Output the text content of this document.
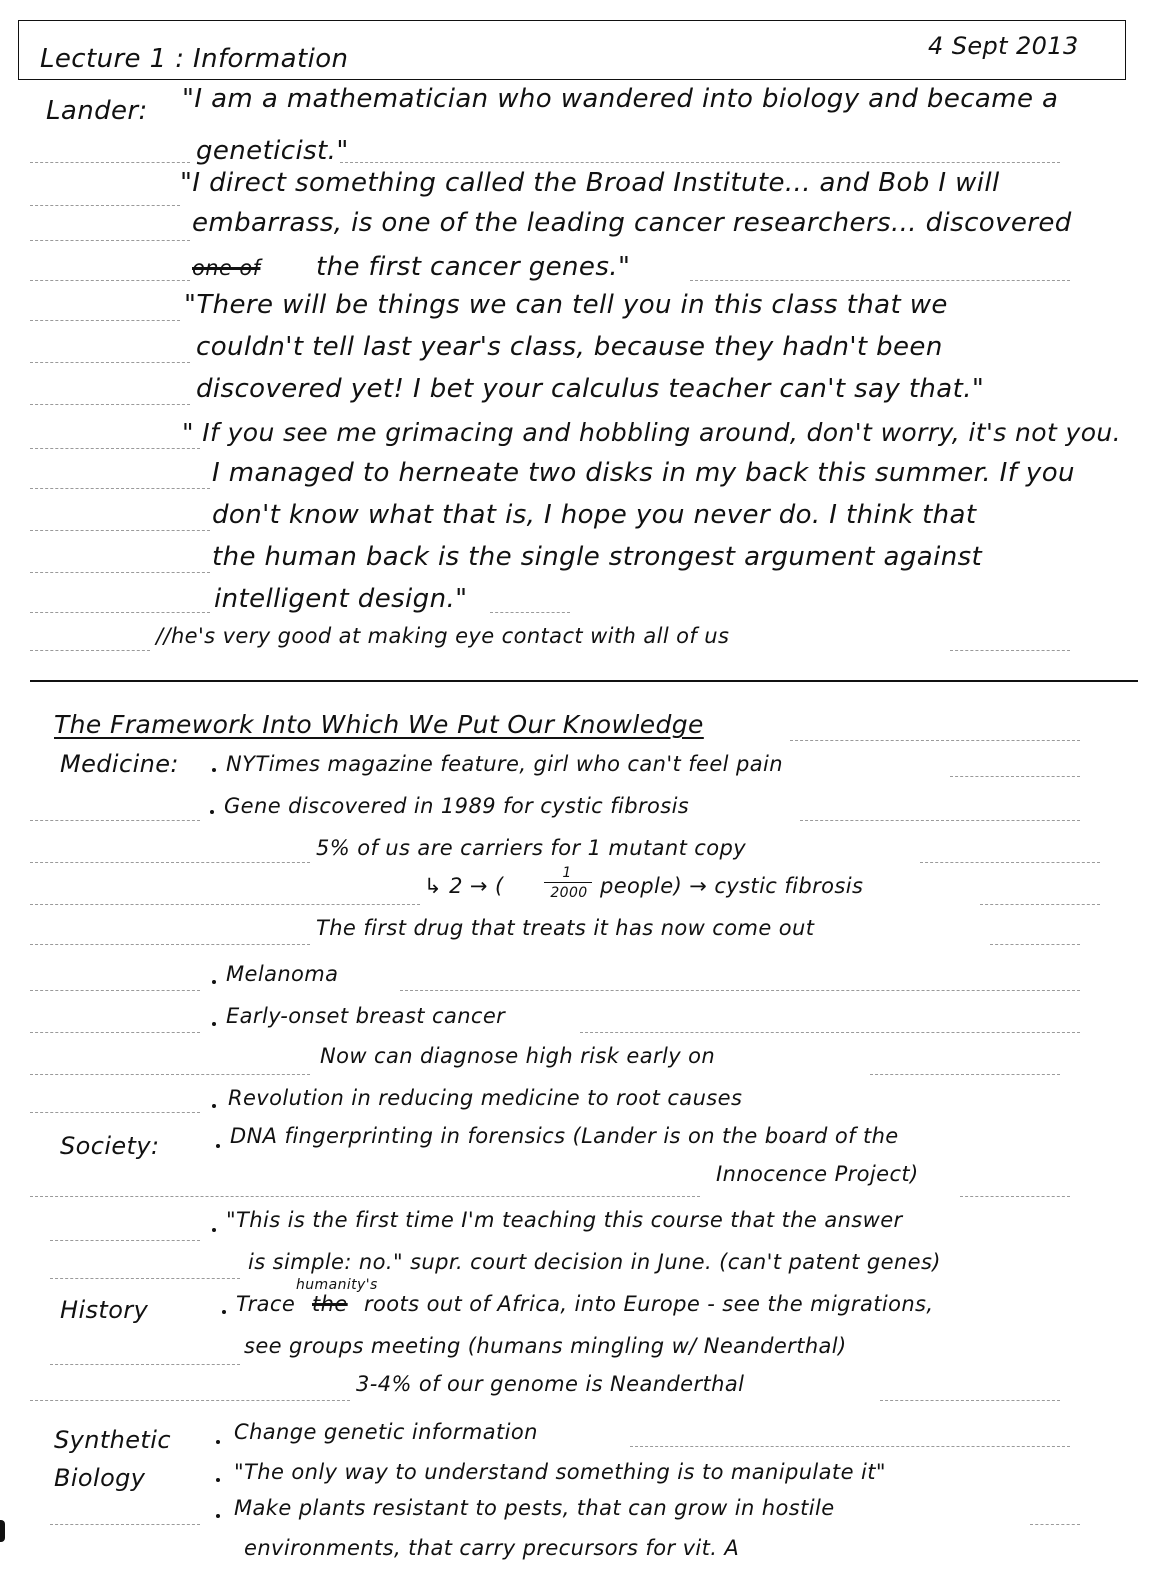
Lecture 1 : Information	4 Sept 2013
Lander: "I am a mathematician who wandered into biology and became a
geneticist."
"I direct something called the Broad Institute... and Bob I will
embarrass, is one of the leading cancer researchers... discovered
one of the first cancer genes."
"There will be things we can tell you in this class that we
couldn't tell last year's class, because they hadn't been
discovered yet! I bet your calculus teacher can't say that."
" If you see me grimacing and hobbling around, don't worry, it's not you.
I managed to herneate two disks in my back this summer. If you
don't know what that is, I hope you never do. I think that
the human back is the single strongest argument against
intelligent design."
//he's very good at making eye contact with all of us
The Framework Into Which We Put Our Knowledge
Medicine: NYTimes magazine feature, girl who can't feel pain
Gene discovered in 1989 for cystic fibrosis
5% of us are carriers for 1 mutant copy
↳ 2 → (
1
2000 people) → cystic fibrosis
The first drug that treats it has now come out
Melanoma
Early-onset breast cancer
Now can diagnose high risk early on
Revolution in reducing medicine to root causes
Society:	DNA fingerprinting in forensics (Lander is on the board of the
Innocence Project)
"This is the first time I'm teaching this course that the answer
is simple: no." supr. court decision in June. (can't patent genes)
humanity's
History	Trace the roots out of Africa, into Europe - see the migrations,
see groups meeting (humans mingling w/ Neanderthal)
3-4% of our genome is Neanderthal
Synthetic
Biology
Change genetic information
"The only way to understand something is to manipulate it"
Make plants resistant to pests, that can grow in hostile
environments, that carry precursors for vit. A
